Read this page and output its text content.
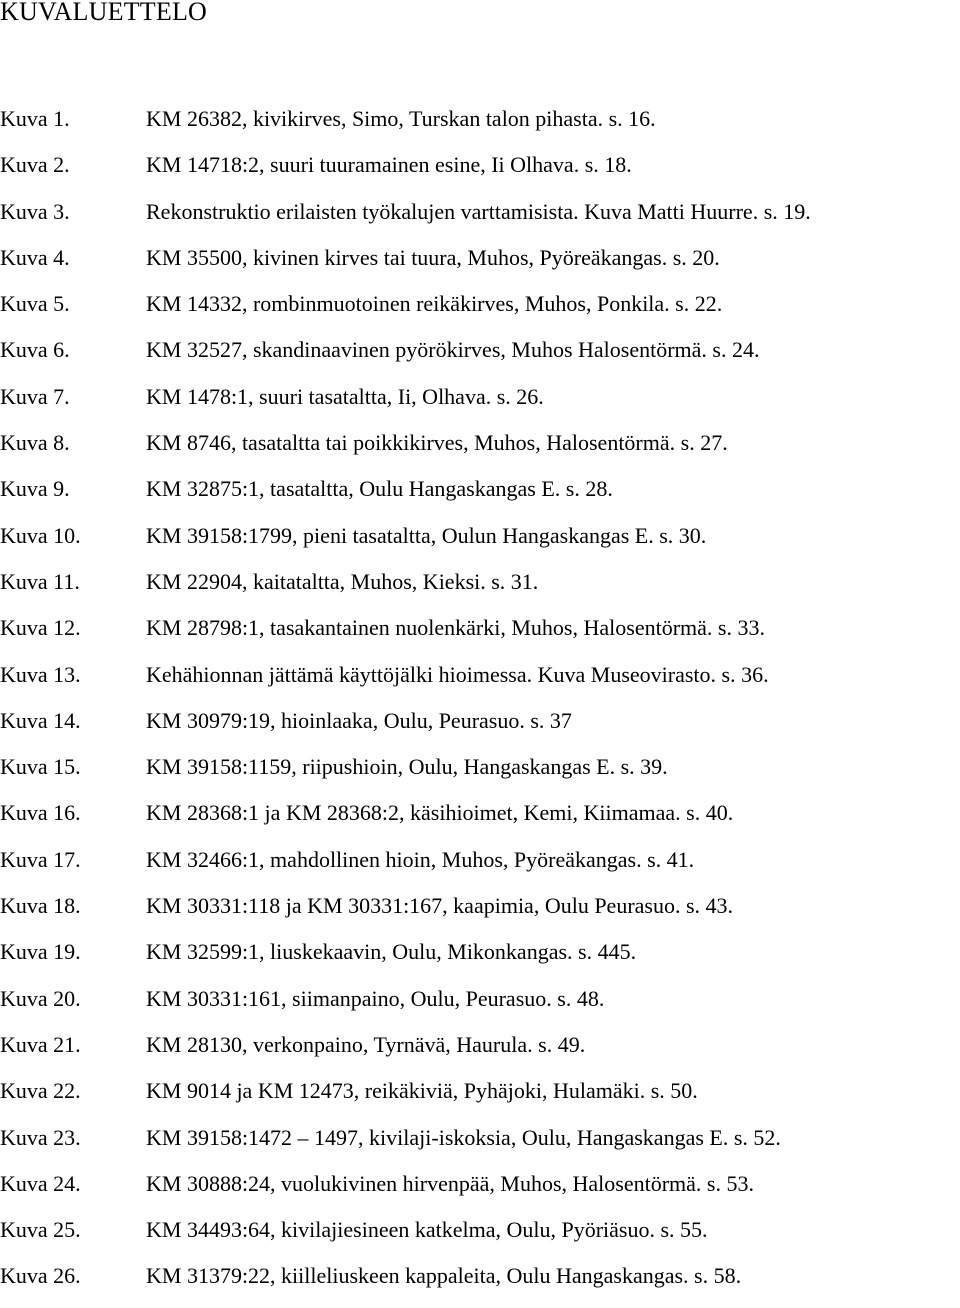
KUVALUETTELO
Kuva 1.	KM 26382, kivikirves, Simo, Turskan talon pihasta. s. 16.
Kuva 2.	KM 14718:2, suuri tuuramainen esine, Ii Olhava. s. 18.
Kuva 3.	Rekonstruktio erilaisten työkalujen varttamisista. Kuva Matti Huurre. s. 19.
Kuva 4.	KM 35500, kivinen kirves tai tuura, Muhos, Pyöreäkangas. s. 20.
Kuva 5.	KM 14332, rombinmuotoinen reikäkirves, Muhos, Ponkila. s. 22.
Kuva 6.	KM 32527, skandinaavinen pyörökirves, Muhos Halosentörmä. s. 24.
Kuva 7.	KM 1478:1, suuri tasataltta, Ii, Olhava. s. 26.
Kuva 8.	KM 8746, tasataltta tai poikkikirves, Muhos, Halosentörmä. s. 27.
Kuva 9.	KM 32875:1, tasataltta, Oulu Hangaskangas E. s. 28.
Kuva 10.	KM 39158:1799, pieni tasataltta, Oulun Hangaskangas E. s. 30.
Kuva 11.	KM 22904, kaitataltta, Muhos, Kieksi. s. 31.
Kuva 12.	KM 28798:1, tasakantainen nuolenkärki, Muhos, Halosentörmä. s. 33.
Kuva 13.	Kehähionnan jättämä käyttöjälki hioimessa. Kuva Museovirasto. s. 36.
Kuva 14.	KM 30979:19, hioinlaaka, Oulu, Peurasuo. s. 37
Kuva 15.	KM 39158:1159, riipushioin, Oulu, Hangaskangas E. s. 39.
Kuva 16.	KM 28368:1 ja KM 28368:2, käsihioimet, Kemi, Kiimamaa. s. 40.
Kuva 17.	KM 32466:1, mahdollinen hioin, Muhos, Pyöreäkangas. s. 41.
Kuva 18.	KM 30331:118 ja KM 30331:167, kaapimia, Oulu Peurasuo. s. 43.
Kuva 19.	KM 32599:1, liuskekaavin, Oulu, Mikonkangas. s. 445.
Kuva 20.	KM 30331:161, siimanpaino, Oulu, Peurasuo. s. 48.
Kuva 21.	KM 28130, verkonpaino, Tyrnävä, Haurula. s. 49.
Kuva 22.	KM 9014 ja KM 12473, reikäkiviä, Pyhäjoki, Hulamäki. s. 50.
Kuva 23.	KM 39158:1472 – 1497, kivilaji-iskoksia, Oulu, Hangaskangas E. s. 52.
Kuva 24.	KM 30888:24, vuolukivinen hirvenpää, Muhos, Halosentörmä. s. 53.
Kuva 25.	KM 34493:64, kivilajiesineen katkelma, Oulu, Pyöriäsuo. s. 55.
Kuva 26.	KM 31379:22, kiilleliuskeen kappaleita, Oulu Hangaskangas. s. 58.
